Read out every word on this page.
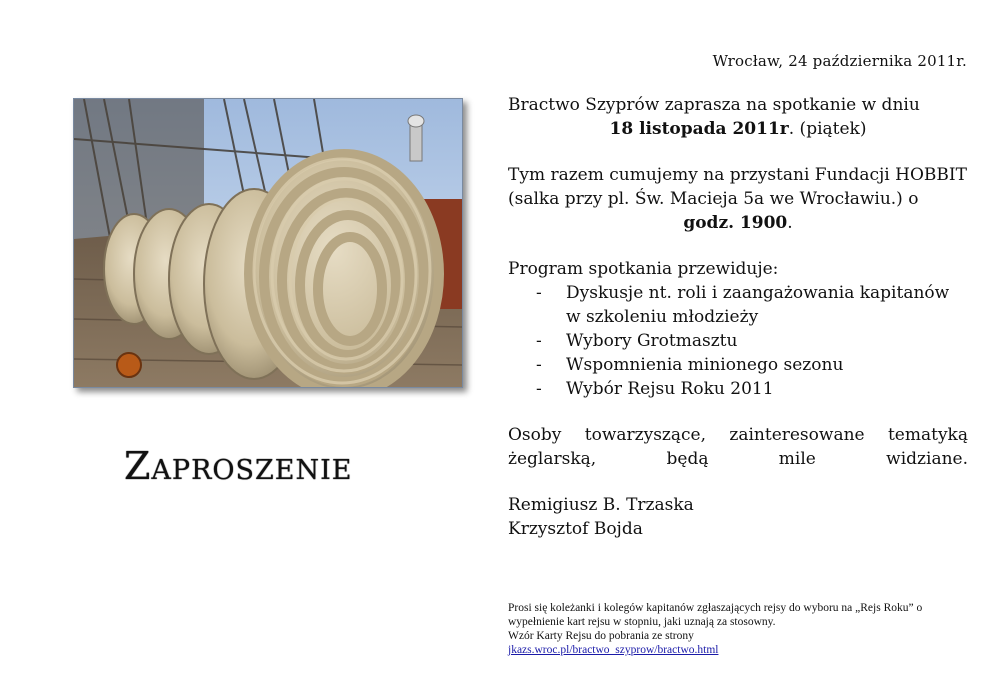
Wrocław, 24 października 2011r.
Zaproszenie

Bractwo Szyprów zaprasza na spotkanie w dniu

18 listopada 2011r. (piątek)

Tym razem cumujemy na przystani Fundacji HOBBIT (salka przy pl. Św. Macieja 5a we Wrocławiu.) o

godz. 1900.

Program spotkania przewiduje:

-	Dyskusje nt. roli i zaangażowania kapitanów w szkoleniu młodzieży
-	Wybory Grotmasztu
-	Wspomnienia minionego sezonu
-	Wybór Rejsu Roku 2011

Osoby towarzyszące, zainteresowane tematyką żeglarską, będą mile widziane.

Remigiusz B. Trzaska

Krzysztof Bojda

Prosi się koleżanki i kolegów kapitanów zgłaszających rejsy do wyboru na „Rejs Roku” o wypełnienie kart rejsu w stopniu, jaki uznają za stosowny.
Wzór Karty Rejsu do pobrania ze strony
jkazs.wroc.pl/bractwo_szyprow/bractwo.html
